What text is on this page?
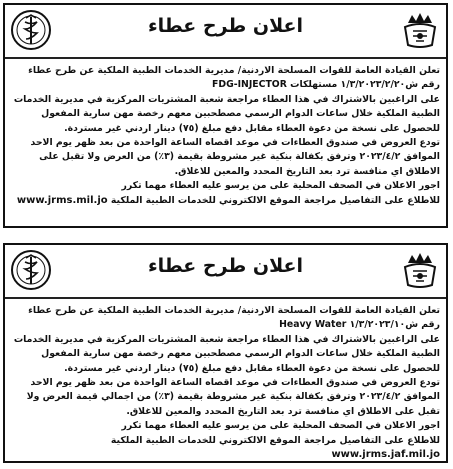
اعلان طرح عطاء

تعلن القيادة العامة للقوات المسلحة الاردنية/ مديرية الخدمات الطبية الملكية عن طرح عطاء رقم ش١/٣/٢٠٢٣/٢/٢٠ مستهلكات FDG-INJECTOR

على الراغبين بالاشتراك في هذا العطاء مراجعة شعبة المشتريات المركزية في مديرية الخدمات الطبية الملكية خلال ساعات الدوام الرسمي مصطحبين معهم رخصة مهن سارية المفعول للحصول على نسخة من دعوة العطاء مقابل دفع مبلغ (٧٥) دينار اردني غير مستردة.

تودع العروض في صندوق العطاءات في موعد اقصاه الساعة الواحدة من بعد ظهر يوم الاحد الموافق ٢٠٢٣/٤/٢ وترفق بكفالة بنكية غير مشروطة بقيمة (٣٪) من العرض ولا تقبل على الاطلاق اي منافسة ترد بعد التاريخ المحدد والمعين للاغلاق.

اجور الاعلان في الصحف المحلية على من يرسو عليه العطاء مهما تكرر

للاطلاع على التفاصيل مراجعة الموقع الالكتروني للخدمات الطبية الملكية www.jrms.mil.jo

اعلان طرح عطاء

تعلن القيادة العامة للقوات المسلحة الاردنية/ مديرية الخدمات الطبية الملكية عن طرح عطاء رقم ش١/٣/٢٠٢٣/١٠ Heavy Water

على الراغبين بالاشتراك في هذا العطاء مراجعة شعبة المشتريات المركزية في مديرية الخدمات الطبية الملكية خلال ساعات الدوام الرسمي مصطحبين معهم رخصة مهن سارية المفعول للحصول على نسخة من دعوة العطاء مقابل دفع مبلغ (٧٥) دينار اردني غير مستردة.

تودع العروض في صندوق العطاءات في موعد اقصاه الساعة الواحدة من بعد ظهر يوم الاحد الموافق ٢٠٢٣/٤/٢ وترفق بكفالة بنكية غير مشروطة بقيمة (٣٪) من اجمالي قيمة العرض ولا تقبل على الاطلاق اي منافسة ترد بعد التاريخ المحدد والمعين للاغلاق.

اجور الاعلان في الصحف المحلية على من يرسو عليه العطاء مهما تكرر

للاطلاع على التفاصيل مراجعة الموقع الالكتروني للخدمات الطبية الملكية www.jrms.jaf.mil.jo
